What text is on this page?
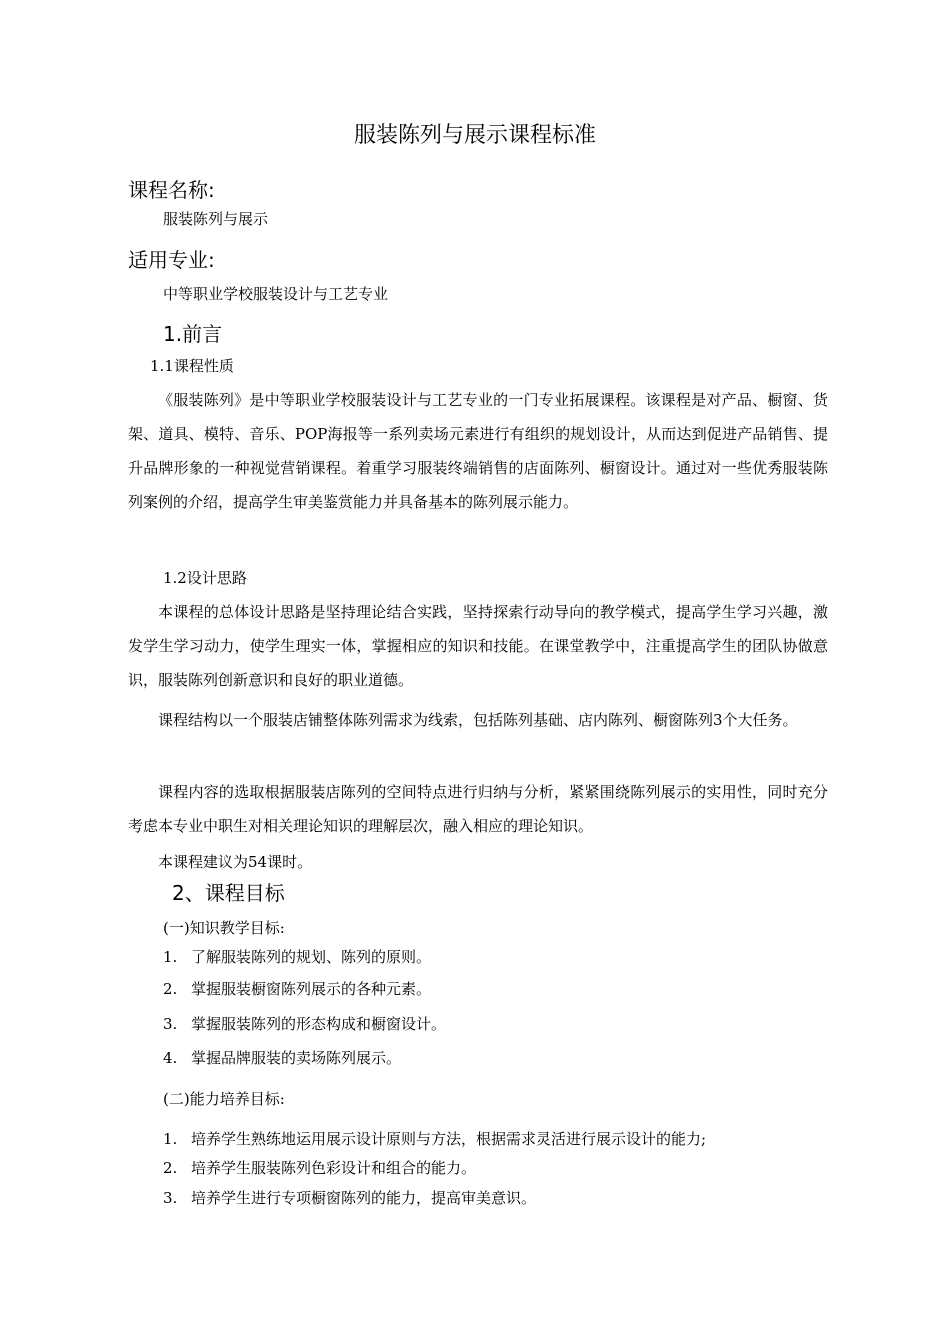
服装陈列与展示课程标准

课程名称:

服装陈列与展示

适用专业:

中等职业学校服装设计与工艺专业

1.前言

1.1课程性质

《服装陈列》是中等职业学校服装设计与工艺专业的一门专业拓展课程。该课程是对产品、橱窗、货架、道具、模特、音乐、POP海报等一系列卖场元素进行有组织的规划设计，从而达到促进产品销售、提升品牌形象的一种视觉营销课程。着重学习服装终端销售的店面陈列、橱窗设计。通过对一些优秀服装陈列案例的介绍，提高学生审美鉴赏能力并具备基本的陈列展示能力。

1.2设计思路

本课程的总体设计思路是坚持理论结合实践，坚持探索行动导向的教学模式，提高学生学习兴趣，激发学生学习动力，使学生理实一体，掌握相应的知识和技能。在课堂教学中，注重提高学生的团队协做意识，服装陈列创新意识和良好的职业道德。

课程结构以一个服装店铺整体陈列需求为线索，包括陈列基础、店内陈列、橱窗陈列3个大任务。

课程内容的选取根据服装店陈列的空间特点进行归纳与分析，紧紧围绕陈列展示的实用性，同时充分考虑本专业中职生对相关理论知识的理解层次，融入相应的理论知识。

本课程建议为54课时。

2、课程目标

(一)知识教学目标:

1. 了解服装陈列的规划、陈列的原则。

2. 掌握服装橱窗陈列展示的各种元素。

3. 掌握服装陈列的形态构成和橱窗设计。

4. 掌握品牌服装的卖场陈列展示。

(二)能力培养目标:

1. 培养学生熟练地运用展示设计原则与方法，根据需求灵活进行展示设计的能力;

2. 培养学生服装陈列色彩设计和组合的能力。

3. 培养学生进行专项橱窗陈列的能力，提高审美意识。
